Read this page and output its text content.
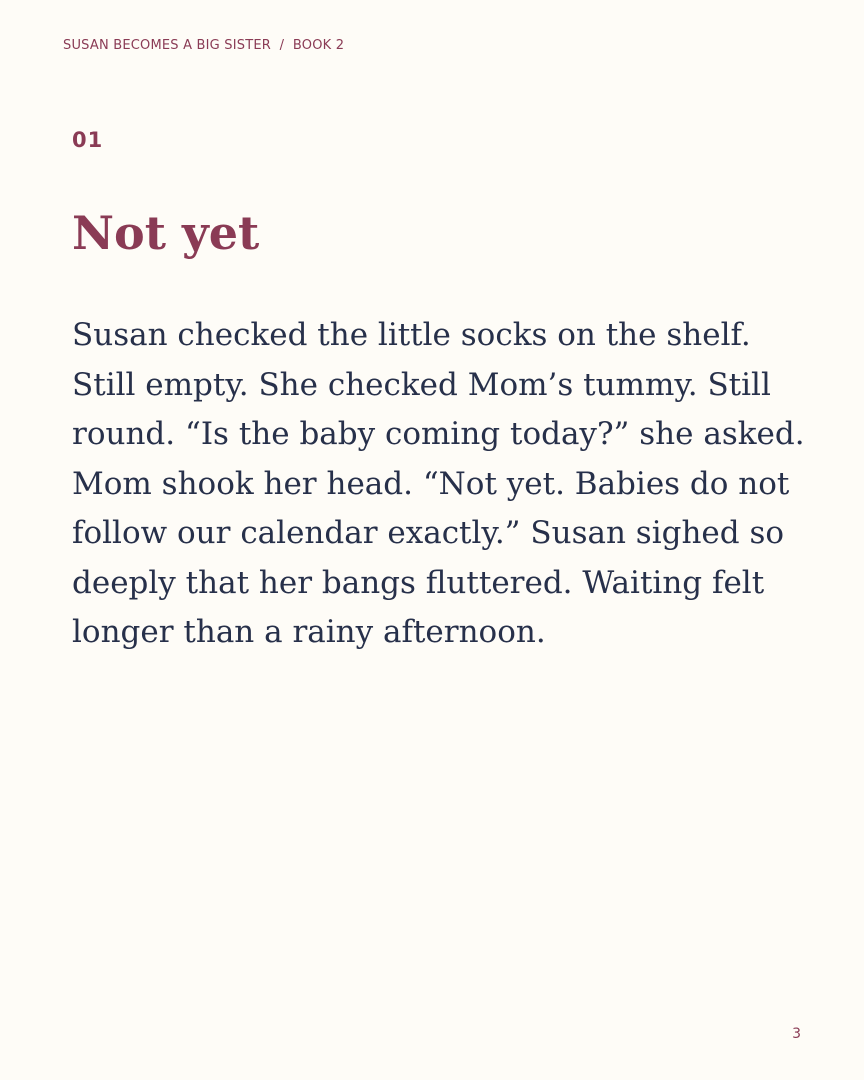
SUSAN BECOMES A BIG SISTER  /  BOOK 2
01
Not yet

Susan checked the little socks on the shelf. Still empty. She checked Mom’s tummy. Still round. “Is the baby coming today?” she asked. Mom shook her head. “Not yet. Babies do not follow our calendar exactly.” Susan sighed so deeply that her bangs fluttered. Waiting felt longer than a rainy afternoon.

3
